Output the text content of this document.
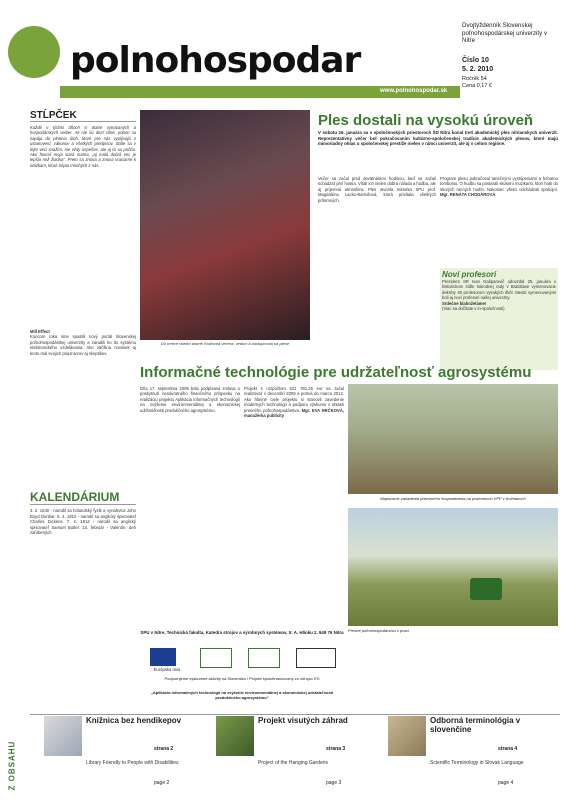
polnohospodar
www.polnohospodar.sk
Dvojtýždenník Slovenskej poľnohospodárskej univerzity v Nitre
Číslo 10
5. 2. 2010
Ročník 54
Cena 0,17 €
STĹPČEK
Každé v týchto dňoch si dobre vytváraných a hospodárskych vedier. Ak nie sú dosť silné, potom sa zapája do plnenia úloh, ktoré pre nás vyplývajú z ustanovení, zákonov a všetkých predpisov. Stále sa v tejto veci snažím, nie vždy úspešne, ale aj to sa počíta. Ako hovorí moja stará mama, „aj malá dobrá vec je lepšia než žiadna“. Preto sa znova a znova vraciame k otázkam, ktoré trápia mnohých z nás.
Mill Effect
Koncom roka sme spustili nový portál Slovenskej poľnohospodárskej univerzity a zaradili ho do systému elektronického vzdelávania. Ako väčšina noviniek aj tento mal svojich priaznivcov aj skeptikov.
KALENDÁRIUM
3. 2. 1640 - narodil sa holandský fyzik a vynálezca John Boyd Dunbar. 5. 2. 1810 - narodil sa anglický spisovateľ Charles Dickens. 7. 2. 1812 - narodil sa anglický spisovateľ Samuel Butler. 14. február - Valentín, deň zaľúbených.
Do tretice všetko dobré! Kráľovná večera, vedúci a zástupcovia na plese
Ples dostali na vysokú úroveň
V sobotu 16. januára sa v spoločenských priestoroch ŠD Nitra konal tretí akademický ples nitrianskych univerzít. Reprezentatívny večer bol pokračovaním kultúrno-spoločenskej tradície akademických plesov, ktoré majú mimoriadny ohlas u spoločenskej prestíže nielen v rámci univerzít, ale aj v celom regióne.
Večer sa začal pred devätnástou hodinou, keď sa začali schádzať prví hostia. Vítali ich nielen dobrá nálada a hudba, ale aj príjemná atmosféra. Ples otvorila rektorka SPU prof. Magdaléna Lacko-Bartošová, ktorá privítala všetkých prítomných.
Program plesu pokračoval tanečnými vystúpeniami a bohatou tombolou. O hudbu sa postarali skúsení muzikanti, ktorí hrali do skorých ranných hodín. Nakoniec všetci odchádzali spokojní. Mgr. RENÁTA CHODÁROVÁ
Noví profesori
Prezident SR Ivan Gašparovič odovzdal 25. januára v historickom sídle Národnej rady v Bratislave vymenovacie dekréty 49 profesorom vysokých škôl. Medzi vymenovanými boli aj noví profesori našej univerzity.
Srdečne blahoželáme!
(Viac sa dočítate v in-spoločnosti)
Informačné technológie pre udržateľnosť agrosystému
Dňa 17. septembra 2009 bola podpísaná zmluva o poskytnutí nenávratného finančného príspevku na realizáciu projektu Aplikácia informačných technológií na zvýšenie environmentálnej a ekonomickej udržateľnosti produkčného agrosystému.
Projekt s rozpočtom 521 781,26 eur sa začal realizovať v decembri 2009 a potrvá do marca 2012. Ako hlavné ciele projektu si stanovil zavedenie moderných technológií a podporu výskumu v oblasti presného poľnohospodárstva. Mgr. EVA HRČKOVÁ, manažérka publicity
Mapovacie zariadenia precízneho hospodárenia na pozemkoch VPP v Kolíňanoch
Presné poľnohospodárstvo v praxi
SPU v Nitre, Technická fakulta, Katedra strojov a výrobných systémov, tr. A. Hlinku 2, 949 76 Nitra
Európska únia
Podporujeme výskumné aktivity na Slovensku / Projekt spolufinancovaný zo zdrojov ES
„Aplikácia informačných technológií na zvýšenie environmentálnej a ekonomickej udržateľnosti produkčného agrosystému“
Z OBSAHU
Knižnica bez hendikepov
strana 2
Library Friendly to People with Disabilities
page 2
Projekt visutých záhrad
strana 3
Project of the Hanging Gardens
page 3
Odborná terminológia v slovenčine
strana 4
Scientific Terminology in Slovak Language
page 4
